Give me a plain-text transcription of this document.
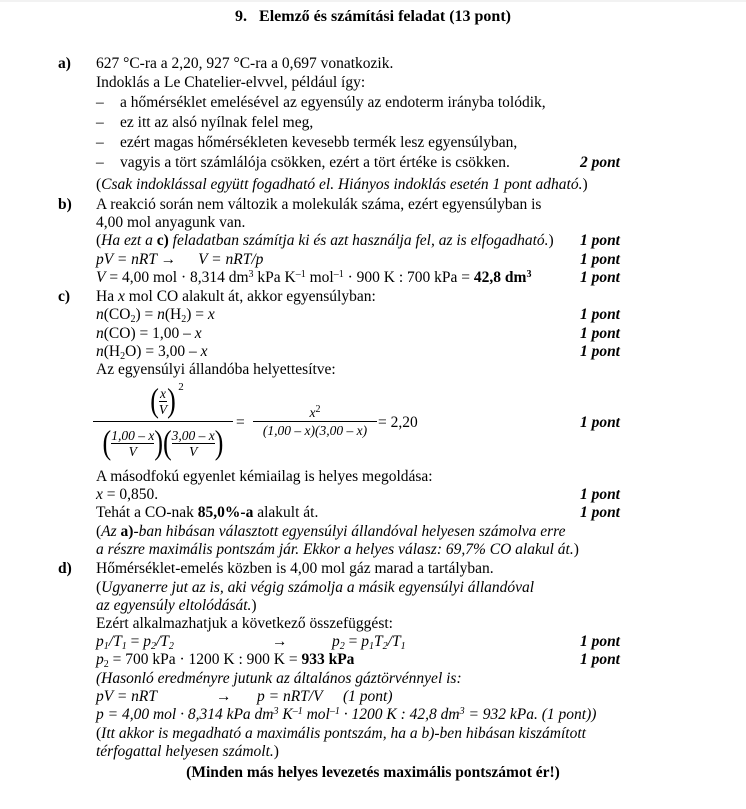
9.  Elemző és számítási feladat (13 pont)
a) 627 °C-ra a 2,20, 927 °C-ra a 0,697 vonatkozik.
Indoklás a Le Chatelier-elvvel, például így:
– a hőmérséklet emelésével az egyensúly az endoterm irányba tolódik,
– ez itt az alsó nyílnak felel meg,
– ezért magas hőmérsékleten kevesebb termék lesz egyensúlyban,
– vagyis a tört számlálója csökken, ezért a tört értéke is csökken.	2 pont
(Csak indoklással együtt fogadható el. Hiányos indoklás esetén 1 pont adható.)
b) A reakció során nem változik a molekulák száma, ezért egyensúlyban is
4,00 mol anyagunk van.
(Ha ezt a c) feladatban számítja ki és azt használja fel, az is elfogadható.)	1 pont
pV = nRT → V = nRT/p	1 pont
V = 4,00 mol · 8,314 $dm^3$ kPa $K^{-1}$ mol$^{-1}$ · 900 K : 700 kPa = 42,8 $dm^3$	1 pont
c) Ha x mol CO alakult át, akkor egyensúlyban:
$n(CO_2) = n(H_2) = x$	1 pont
n(CO) = 1,00 – x	1 pont
$n(H_2O) = 3,00 - x$	1 pont
Az egyensúlyi állandóba helyettesítve:
( x
V ) 2
( 1,00 – x
V ) ( 3,00 – x
V )
=
$x^2$
(1,00 – x)(3,00 – x) = 2,20	1 pont
A másodfokú egyenlet kémiailag is helyes megoldása:
x = 0,850.	1 pont
Tehát a CO-nak 85,0%-a alakult át.	1 pont
(Az a)-ban hibásan választott egyensúlyi állandóval helyesen számolva erre
a részre maximális pontszám jár. Ekkor a helyes válasz: 69,7% CO alakul át.)
d) Hőmérséklet-emelés közben is 4,00 mol gáz marad a tartályban.
(Ugyanerre jut az is, aki végig számolja a másik egyensúlyi állandóval
az egyensúly eltolódását.)
Ezért alkalmazhatjuk a következő összefüggést:
$p_1/T_1 = p_2/T_2$	→	$p_2 = p_1T_2/T_1$	1 pont
$p_2 = 700$ kPa · 1200 K : 900 K = 933 kPa	1 pont
(Hasonló eredményre jutunk az általános gáztörvénnyel is:
pV = nRT	→ p = nRT/V (1 pont)
p = 4,00 mol · 8,314 kPa $dm^3$ $K^{-1}$ mol$^{-1}$ · 1200 K : 42,8 $dm^3 = 932$ kPa. (1 pont))
(Itt akkor is megadható a maximális pontszám, ha a b)-ben hibásan kiszámított
térfogattal helyesen számolt.)
(Minden más helyes levezetés maximális pontszámot ér!)
